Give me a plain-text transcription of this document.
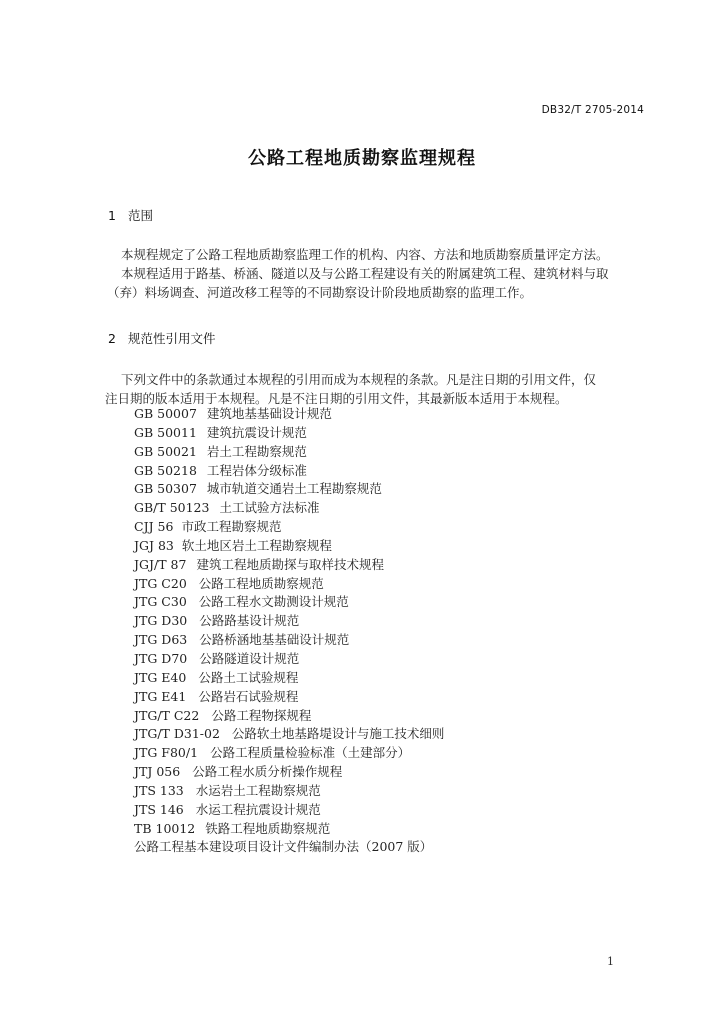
DB32/T 2705-2014
公路工程地质勘察监理规程
1 范围
本规程规定了公路工程地质勘察监理工作的机构、内容、方法和地质勘察质量评定方法。
本规程适用于路基、桥涵、隧道以及与公路工程建设有关的附属建筑工程、建筑材料与取
（弃）料场调查、河道改移工程等的不同勘察设计阶段地质勘察的监理工作。
2 规范性引用文件
下列文件中的条款通过本规程的引用而成为本规程的条款。凡是注日期的引用文件，仅
注日期的版本适用于本规程。凡是不注日期的引用文件，其最新版本适用于本规程。
GB 50007 建筑地基基础设计规范
GB 50011 建筑抗震设计规范
GB 50021 岩土工程勘察规范
GB 50218 工程岩体分级标准
GB 50307 城市轨道交通岩土工程勘察规范
GB/T 50123 土工试验方法标准
CJJ 56 市政工程勘察规范
JGJ 83 软土地区岩土工程勘察规程
JGJ/T 87 建筑工程地质勘探与取样技术规程
JTG C20 公路工程地质勘察规范
JTG C30 公路工程水文勘测设计规范
JTG D30 公路路基设计规范
JTG D63 公路桥涵地基基础设计规范
JTG D70 公路隧道设计规范
JTG E40 公路土工试验规程
JTG E41 公路岩石试验规程
JTG/T C22 公路工程物探规程
JTG/T D31-02 公路软土地基路堤设计与施工技术细则
JTG F80/1 公路工程质量检验标准（土建部分）
JTJ 056 公路工程水质分析操作规程
JTS 133 水运岩土工程勘察规范
JTS 146 水运工程抗震设计规范
TB 10012 铁路工程地质勘察规范
公路工程基本建设项目设计文件编制办法（2007 版）
1
